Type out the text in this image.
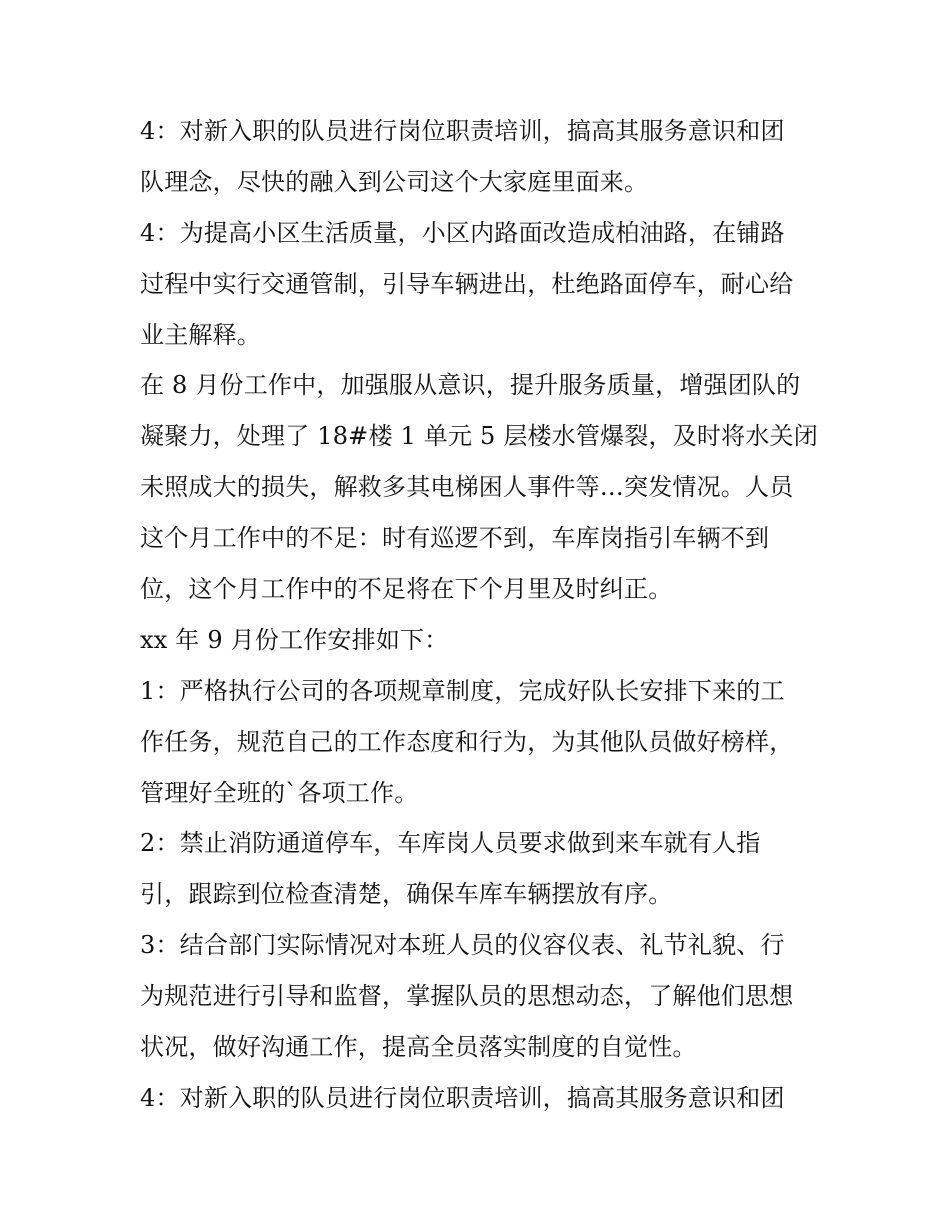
4：对新入职的队员进行岗位职责培训，搞高其服务意识和团
队理念，尽快的融入到公司这个大家庭里面来。
4：为提高小区生活质量，小区内路面改造成柏油路，在铺路
过程中实行交通管制，引导车辆进出，杜绝路面停车，耐心给
业主解释。
在 8 月份工作中，加强服从意识，提升服务质量，增强团队的
凝聚力，处理了 18#楼 1 单元 5 层楼水管爆裂，及时将水关闭
未照成大的损失，解救多其电梯困人事件等…突发情况。人员
这个月工作中的不足：时有巡逻不到，车库岗指引车辆不到
位，这个月工作中的不足将在下个月里及时纠正。
xx 年 9 月份工作安排如下：
1：严格执行公司的各项规章制度，完成好队长安排下来的工
作任务，规范自己的工作态度和行为，为其他队员做好榜样，
管理好全班的`各项工作。
2：禁止消防通道停车，车库岗人员要求做到来车就有人指
引，跟踪到位检查清楚，确保车库车辆摆放有序。
3：结合部门实际情况对本班人员的仪容仪表、礼节礼貌、行
为规范进行引导和监督，掌握队员的思想动态，了解他们思想
状况，做好沟通工作，提高全员落实制度的自觉性。
4：对新入职的队员进行岗位职责培训，搞高其服务意识和团
